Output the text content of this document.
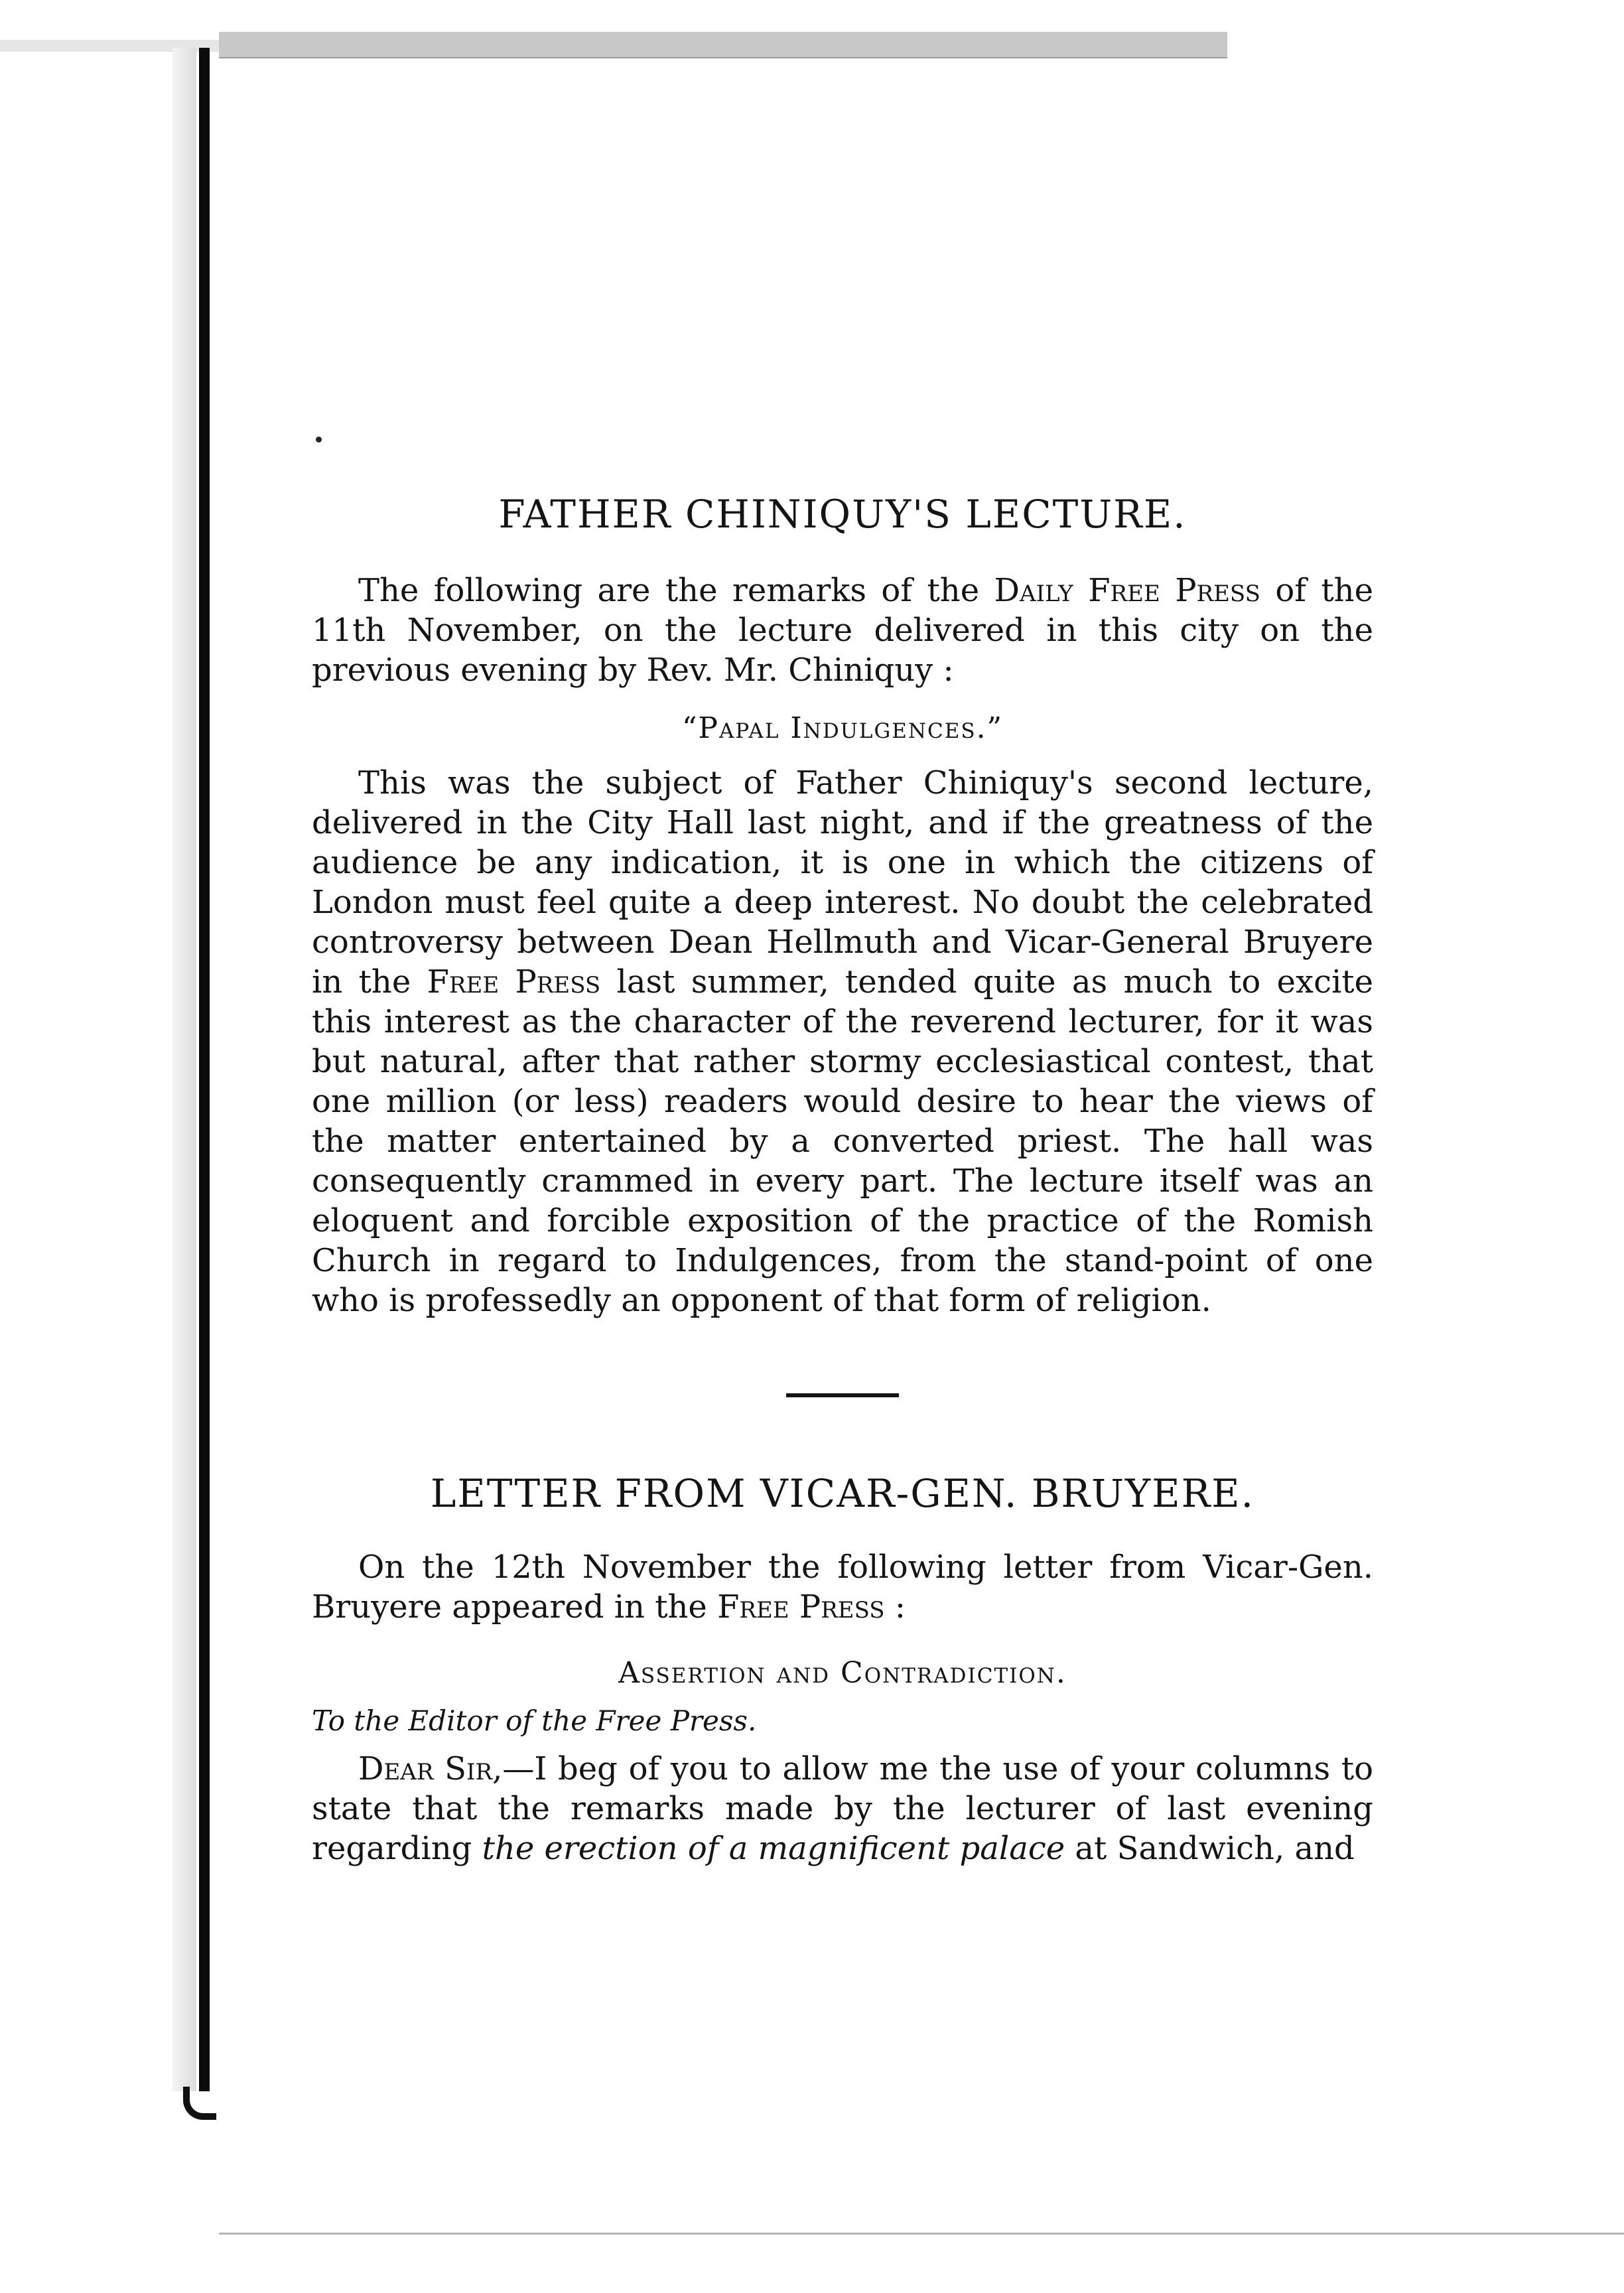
FATHER CHINIQUY'S LECTURE.

The following are the remarks of the Daily Free Press of the 11th November, on the lecture delivered in this city on the previous evening by Rev. Mr. Chiniquy :

“Papal Indulgences.”

This was the subject of Father Chiniquy's second lecture, delivered in the City Hall last night, and if the greatness of the audience be any indication, it is one in which the citizens of London must feel quite a deep interest. No doubt the celebrated controversy between Dean Hellmuth and Vicar-General Bruyere in the Free Press last summer, tended quite as much to excite this interest as the character of the reverend lecturer, for it was but natural, after that rather stormy ecclesiastical contest, that one million (or less) readers would desire to hear the views of the matter entertained by a converted priest. The hall was consequently crammed in every part. The lecture itself was an eloquent and forcible exposition of the practice of the Romish Church in regard to Indulgences, from the stand-point of one who is professedly an opponent of that form of religion.

LETTER FROM VICAR-GEN. BRUYERE.

On the 12th November the following letter from Vicar-Gen. Bruyere appeared in the Free Press :

Assertion and Contradiction.

To the Editor of the Free Press.

Dear Sir,—I beg of you to allow me the use of your columns to state that the remarks made by the lecturer of last evening regarding the erection of a magnificent palace at Sandwich, and
